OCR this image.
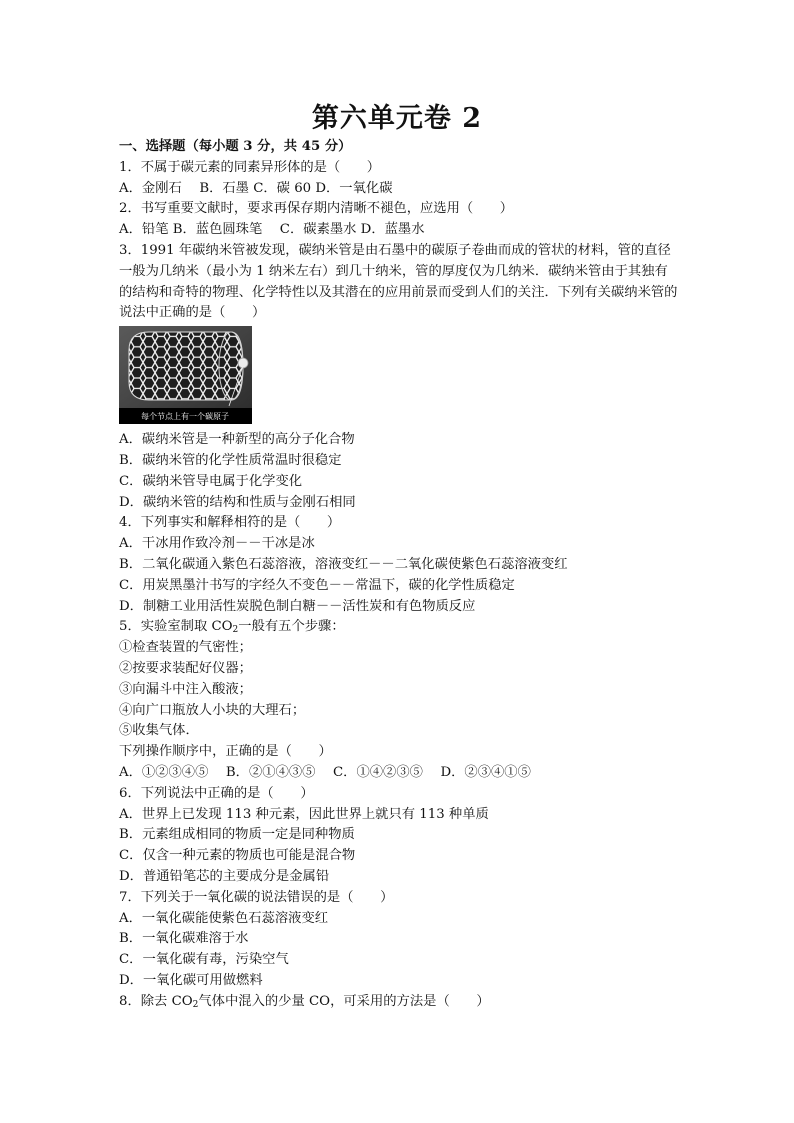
第六单元卷 2
一、选择题（每小题 3 分，共 45 分）
1．不属于碳元素的同素异形体的是（　　）
A．金刚石　 B．石墨 C．碳 60 D．一氧化碳
2．书写重要文献时，要求再保存期内清晰不褪色，应选用（　　）
A．铅笔 B．蓝色圆珠笔　 C．碳素墨水 D．蓝墨水
3．1991 年碳纳米管被发现，碳纳米管是由石墨中的碳原子卷曲而成的管状的材料，管的直径一般为几纳米（最小为 1 纳米左右）到几十纳米，管的厚度仅为几纳米．碳纳米管由于其独有的结构和奇特的物理、化学特性以及其潜在的应用前景而受到人们的关注．下列有关碳纳米管的说法中正确的是（　　）
每个节点上有一个碳原子
A．碳纳米管是一种新型的高分子化合物
B．碳纳米管的化学性质常温时很稳定
C．碳纳米管导电属于化学变化
D．碳纳米管的结构和性质与金刚石相同
4．下列事实和解释相符的是（　　）
A．干冰用作致冷剂－－干冰是冰
B．二氧化碳通入紫色石蕊溶液，溶液变红－－二氧化碳使紫色石蕊溶液变红
C．用炭黑墨汁书写的字经久不变色－－常温下，碳的化学性质稳定
D．制糖工业用活性炭脱色制白糖－－活性炭和有色物质反应
5．实验室制取 $CO_2$一般有五个步骤：
①检查装置的气密性；
②按要求装配好仪器；
③向漏斗中注入酸液；
④向广口瓶放人小块的大理石；
⑤收集气体．
下列操作顺序中，正确的是（　　）
A．①②③④⑤　 B．②①④③⑤　 C．①④②③⑤　 D．②③④①⑤
6．下列说法中正确的是（　　）
A．世界上已发现 113 种元素，因此世界上就只有 113 种单质
B．元素组成相同的物质一定是同种物质
C．仅含一种元素的物质也可能是混合物
D．普通铅笔芯的主要成分是金属铅
7．下列关于一氧化碳的说法错误的是（　　）
A．一氧化碳能使紫色石蕊溶液变红
B．一氧化碳难溶于水
C．一氧化碳有毒，污染空气
D．一氧化碳可用做燃料
8．除去 $CO_2$气体中混入的少量 CO，可采用的方法是（　　）
